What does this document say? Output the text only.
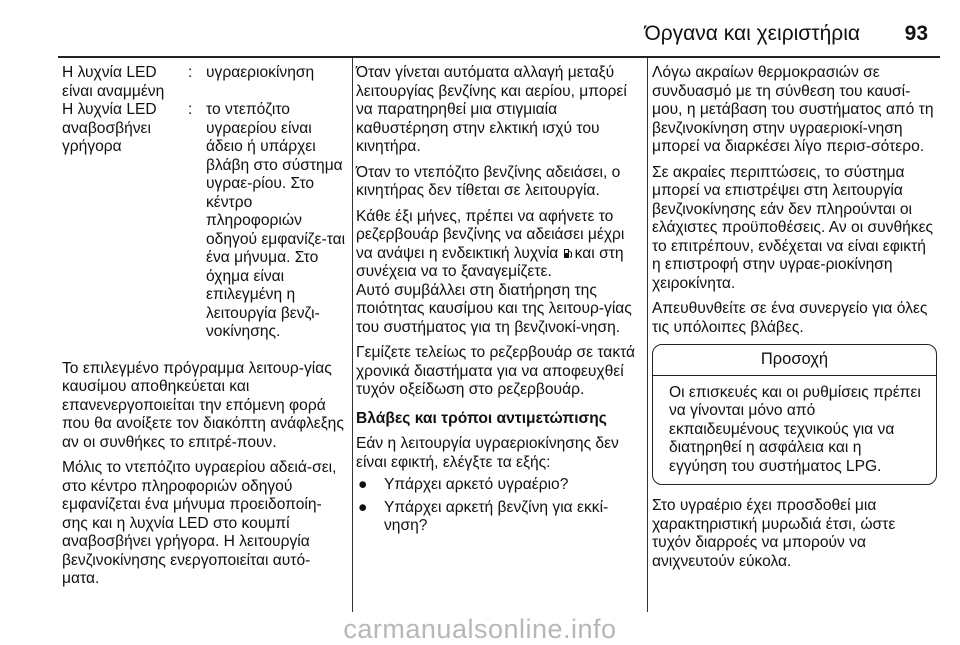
Όργανα και χειριστήρια 93
Η λυχνία LED είναι αναμμένη
: υγραεριοκίνηση
Η λυχνία LED αναβοσβήνει γρήγορα
: το ντεπόζιτο υγραερίου είναι άδειο ή υπάρχει βλάβη στο σύστημα υγραε-ρίου. Στο κέντρο πληροφοριών οδηγού εμφανίζε-ται ένα μήνυμα. Στο όχημα είναι επιλεγμένη η λειτουργία βενζι-νοκίνησης.

Το επιλεγμένο πρόγραμμα λειτουρ-γίας καυσίμου αποθηκεύεται και επανενεργοποιείται την επόμενη φορά που θα ανοίξετε τον διακόπτη ανάφλεξης αν οι συνθήκες το επιτρέ-πουν.

Μόλις το ντεπόζιτο υγραερίου αδειά-σει, στο κέντρο πληροφοριών οδηγού εμφανίζεται ένα μήνυμα προειδοποίη-σης και η λυχνία LED στο κουμπί αναβοσβήνει γρήγορα. Η λειτουργία βενζινοκίνησης ενεργοποιείται αυτό-ματα.

Όταν γίνεται αυτόματα αλλαγή μεταξύ λειτουργίας βενζίνης και αερίου, μπορεί να παρατηρηθεί μια στιγμιαία καθυστέρηση στην ελκτική ισχύ του κινητήρα.

Όταν το ντεπόζιτο βενζίνης αδειάσει, ο κινητήρας δεν τίθεται σε λειτουργία.

Κάθε έξι μήνες, πρέπει να αφήνετε το ρεζερβουάρ βενζίνης να αδειάσει μέχρι να ανάψει η ενδεικτική λυχνία και στη συνέχεια να το ξαναγεμίζετε.

Αυτό συμβάλλει στη διατήρηση της ποιότητας καυσίμου και της λειτουρ-γίας του συστήματος για τη βενζινοκί-νηση.

Γεμίζετε τελείως το ρεζερβουάρ σε τακτά χρονικά διαστήματα για να αποφευχθεί τυχόν οξείδωση στο ρεζερβουάρ.

Βλάβες και τρόποι αντιμετώπισης

Εάν η λειτουργία υγραεριοκίνησης δεν είναι εφικτή, ελέγξτε τα εξής:

● Υπάρχει αρκετό υγραέριο?
● Υπάρχει αρκετή βενζίνη για εκκί-νηση?

Λόγω ακραίων θερμοκρασιών σε συνδυασμό με τη σύνθεση του καυσί-μου, η μετάβαση του συστήματος από τη βενζινοκίνηση στην υγραεριοκί-νηση μπορεί να διαρκέσει λίγο περισ-σότερο.

Σε ακραίες περιπτώσεις, το σύστημα μπορεί να επιστρέψει στη λειτουργία βενζινοκίνησης εάν δεν πληρούνται οι ελάχιστες προϋποθέσεις. Αν οι συνθήκες το επιτρέπουν, ενδέχεται να είναι εφικτή η επιστροφή στην υγραε-ριοκίνηση χειροκίνητα.

Απευθυνθείτε σε ένα συνεργείο για όλες τις υπόλοιπες βλάβες.

Προσοχή
Οι επισκευές και οι ρυθμίσεις πρέπει να γίνονται μόνο από εκπαιδευμένους τεχνικούς για να διατηρηθεί η ασφάλεια και η εγγύηση του συστήματος LPG.

Στο υγραέριο έχει προσδοθεί μια χαρακτηριστική μυρωδιά έτσι, ώστε τυχόν διαρροές να μπορούν να ανιχνευτούν εύκολα.

carmanualsonline.info
